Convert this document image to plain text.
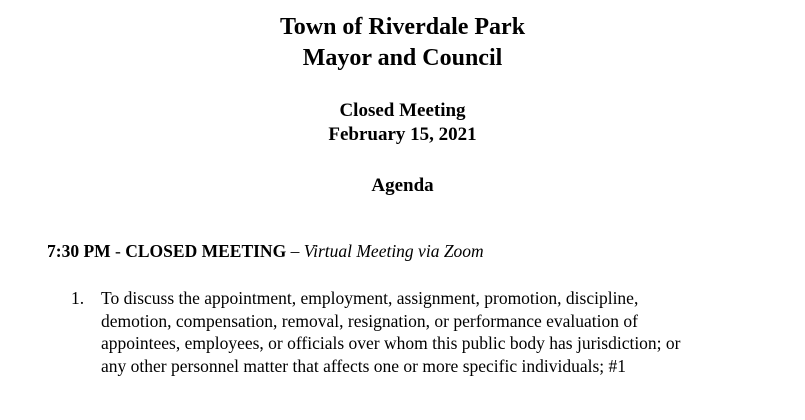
Town of Riverdale Park
Mayor and Council
Closed Meeting
February 15, 2021
Agenda

7:30 PM - CLOSED MEETING – Virtual Meeting via Zoom

1. To discuss the appointment, employment, assignment, promotion, discipline,
demotion, compensation, removal, resignation, or performance evaluation of
appointees, employees, or officials over whom this public body has jurisdiction; or
any other personnel matter that affects one or more specific individuals; #1
